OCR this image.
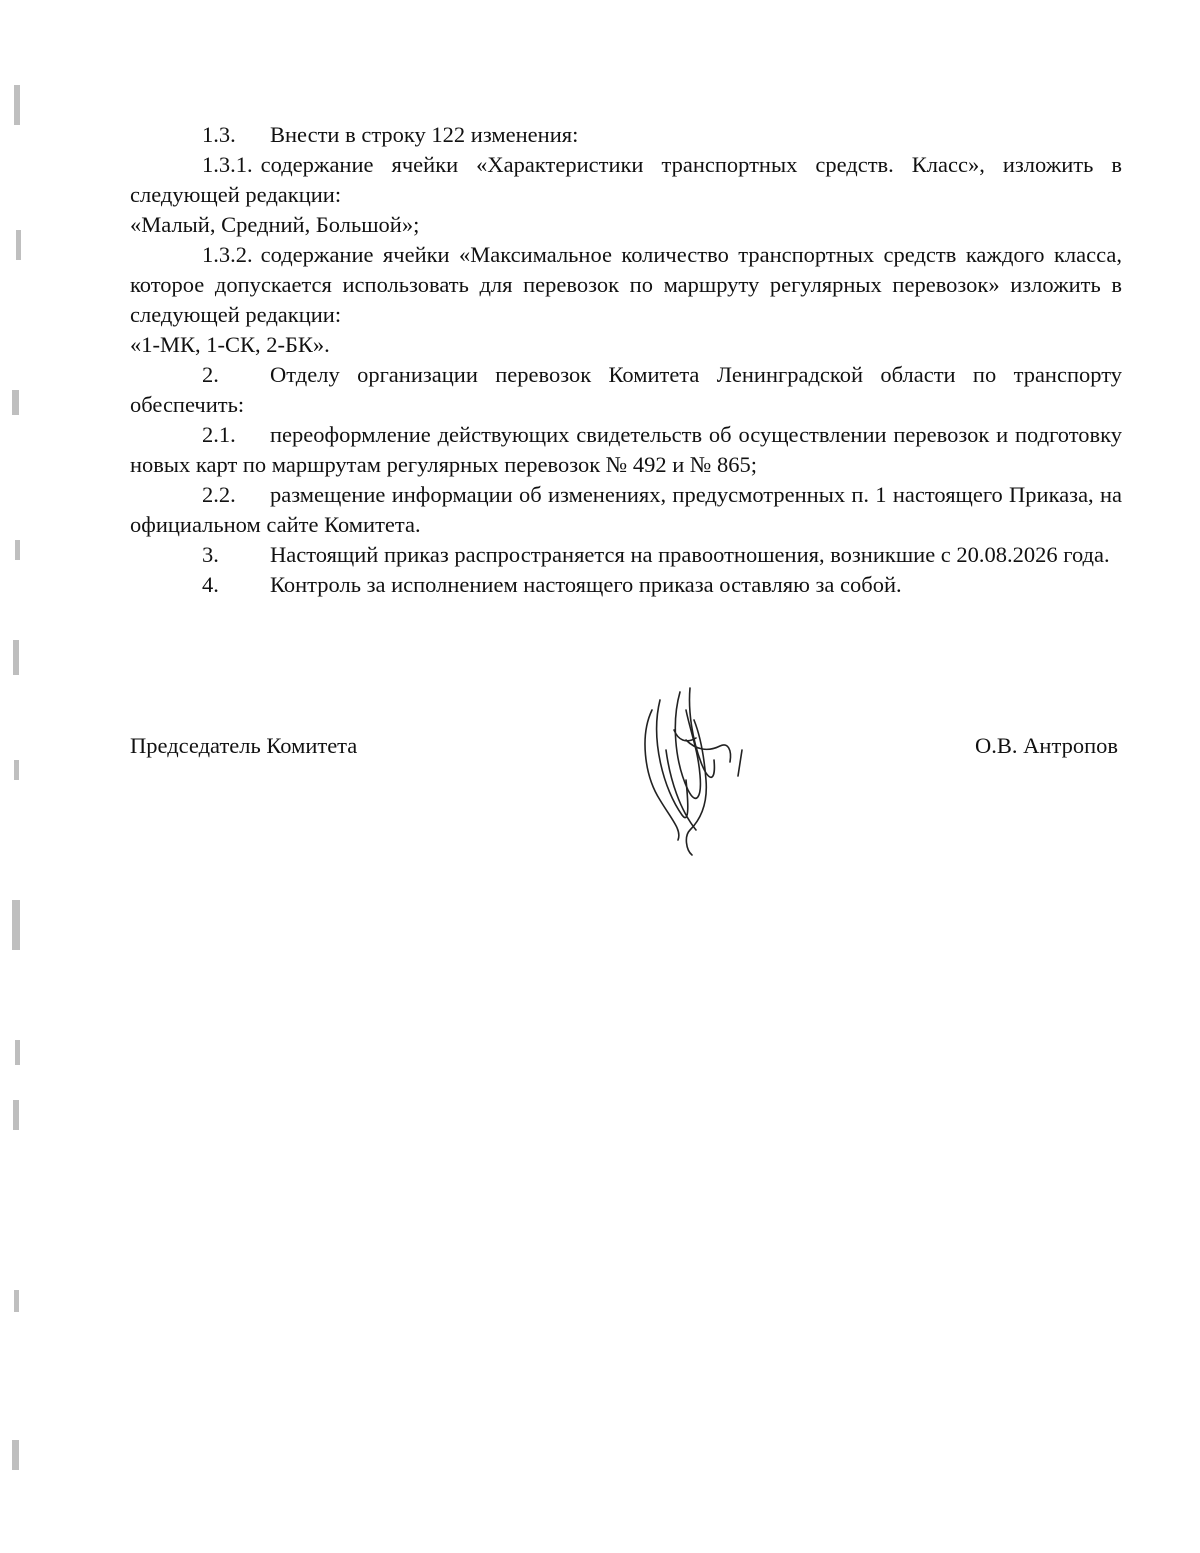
1.3. Внести в строку 122 изменения:

1.3.1. содержание ячейки «Характеристики транспортных средств. Класс», изложить в следующей редакции:

«Малый, Средний, Большой»;

1.3.2. содержание ячейки «Максимальное количество транспортных средств каждого класса, которое допускается использовать для перевозок по маршруту регулярных перевозок» изложить в следующей редакции:

«1-МК, 1-СК, 2-БК».

2. Отделу организации перевозок Комитета Ленинградской области по транспорту обеспечить:

2.1. переоформление действующих свидетельств об осуществлении перевозок и подготовку новых карт по маршрутам регулярных перевозок № 492 и № 865;

2.2. размещение информации об изменениях, предусмотренных п. 1 настоящего Приказа, на официальном сайте Комитета.

3. Настоящий приказ распространяется на правоотношения, возникшие с 20.08.2026 года.

4. Контроль за исполнением настоящего приказа оставляю за собой.

Председатель Комитета	О.В. Антропов
